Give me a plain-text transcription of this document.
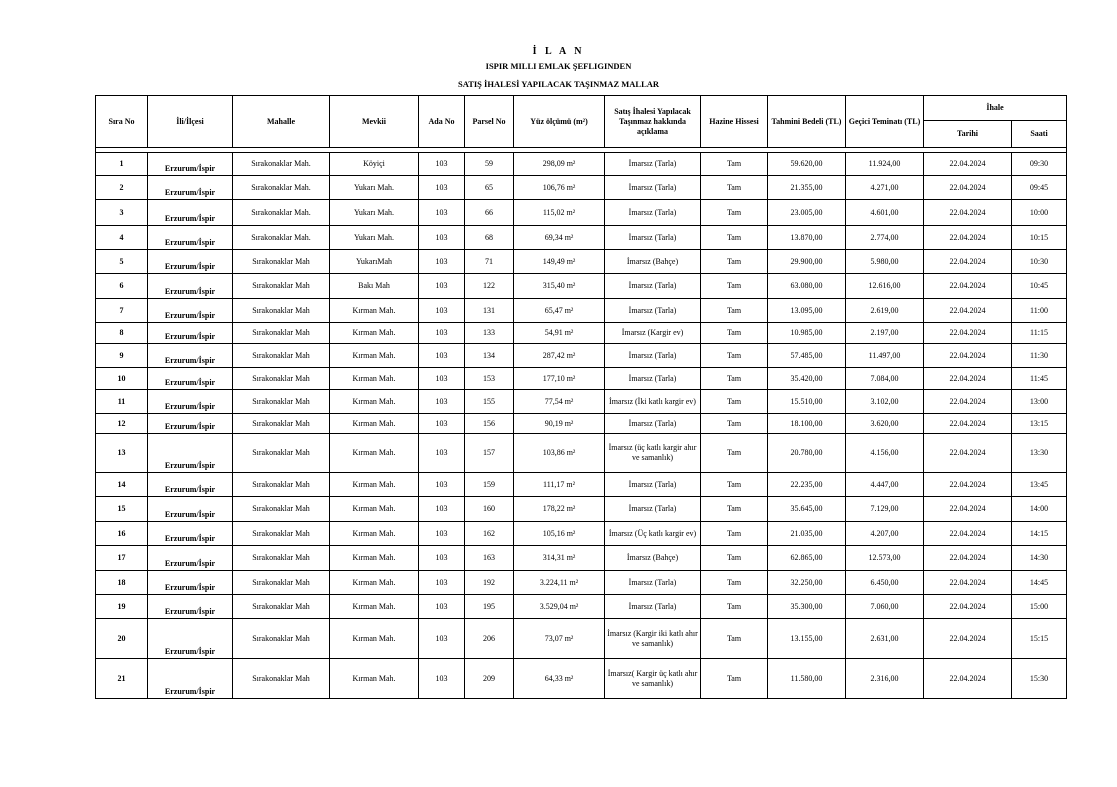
İ L A N
ISPIR MILLI EMLAK ŞEFLIGINDEN
SATIŞ İHALESİ YAPILACAK TAŞINMAZ MALLAR
Sıra No	İli/İlçesi	Mahalle	Mevkii	Ada No	Parsel No	Yüz ölçümü (m²)	Satış İhalesi Yapılacak Taşınmaz hakkında açıklama	Hazine Hissesi	Tahmini Bedeli (TL)	Geçici Teminatı (TL)	İhale	
											Tarihi	Saati

1	Erzurum/İspir	Sırakonaklar Mah.	Köyiçi	103	59	298,09 m²	İmarsız (Tarla)	Tam	59.620,00	11.924,00	22.04.2024	09:30
2	Erzurum/İspir	Sırakonaklar Mah.	Yukarı Mah.	103	65	106,76 m²	İmarsız (Tarla)	Tam	21.355,00	4.271,00	22.04.2024	09:45
3	Erzurum/İspir	Sırakonaklar Mah.	Yukarı Mah.	103	66	115,02 m²	İmarsız (Tarla)	Tam	23.005,00	4.601,00	22.04.2024	10:00
4	Erzurum/İspir	Sırakonaklar Mah.	Yukarı Mah.	103	68	69,34 m²	İmarsız (Tarla)	Tam	13.870,00	2.774,00	22.04.2024	10:15
5	Erzurum/İspir	Sırakonaklar Mah	YukarıMah	103	71	149,49 m²	İmarsız (Bahçe)	Tam	29.900,00	5.980,00	22.04.2024	10:30
6	Erzurum/İspir	Sırakonaklar Mah	Bakı Mah	103	122	315,40 m²	İmarsız (Tarla)	Tam	63.080,00	12.616,00	22.04.2024	10:45
7	Erzurum/İspir	Sırakonaklar Mah	Kırman Mah.	103	131	65,47 m²	İmarsız (Tarla)	Tam	13.095,00	2.619,00	22.04.2024	11:00
8	Erzurum/İspir	Sırakonaklar Mah	Kırman Mah.	103	133	54,91 m²	İmarsız (Kargir ev)	Tam	10.985,00	2.197,00	22.04.2024	11:15
9	Erzurum/İspir	Sırakonaklar Mah	Kırman Mah.	103	134	287,42 m²	İmarsız (Tarla)	Tam	57.485,00	11.497,00	22.04.2024	11:30
10	Erzurum/İspir	Sırakonaklar Mah	Kırman Mah.	103	153	177,10 m²	İmarsız (Tarla)	Tam	35.420,00	7.084,00	22.04.2024	11:45
11	Erzurum/İspir	Sırakonaklar Mah	Kırman Mah.	103	155	77,54 m²	İmarsız (İki katlı kargir ev)	Tam	15.510,00	3.102,00	22.04.2024	13:00
12	Erzurum/İspir	Sırakonaklar Mah	Kırman Mah.	103	156	90,19 m²	İmarsız (Tarla)	Tam	18.100,00	3.620,00	22.04.2024	13:15
13	Erzurum/İspir	Sırakonaklar Mah	Kırman Mah.	103	157	103,86 m²	İmarsız (üç katlı kargir ahır ve samanlık)	Tam	20.780,00	4.156,00	22.04.2024	13:30
14	Erzurum/İspir	Sırakonaklar Mah	Kırman Mah.	103	159	111,17 m²	İmarsız (Tarla)	Tam	22.235,00	4.447,00	22.04.2024	13:45
15	Erzurum/İspir	Sırakonaklar Mah	Kırman Mah.	103	160	178,22 m²	İmarsız (Tarla)	Tam	35.645,00	7.129,00	22.04.2024	14:00
16	Erzurum/İspir	Sırakonaklar Mah	Kırman Mah.	103	162	105,16 m²	İmarsız (Üç katlı kargir ev)	Tam	21.035,00	4.207,00	22.04.2024	14:15
17	Erzurum/İspir	Sırakonaklar Mah	Kırman Mah.	103	163	314,31 m²	İmarsız (Bahçe)	Tam	62.865,00	12.573,00	22.04.2024	14:30
18	Erzurum/İspir	Sırakonaklar Mah	Kırman Mah.	103	192	3.224,11 m²	İmarsız (Tarla)	Tam	32.250,00	6.450,00	22.04.2024	14:45
19	Erzurum/İspir	Sırakonaklar Mah	Kırman Mah.	103	195	3.529,04 m²	İmarsız (Tarla)	Tam	35.300,00	7.060,00	22.04.2024	15:00
20	Erzurum/İspir	Sırakonaklar Mah	Kırman Mah.	103	206	73,07 m²	İmarsız (Kargir iki katlı ahır ve samanlık)	Tam	13.155,00	2.631,00	22.04.2024	15:15
21	Erzurum/İspir	Sırakonaklar Mah	Kırman Mah.	103	209	64,33 m²	İmarsız( Kargir üç katlı ahır ve samanlık)	Tam	11.580,00	2.316,00	22.04.2024	15:30
